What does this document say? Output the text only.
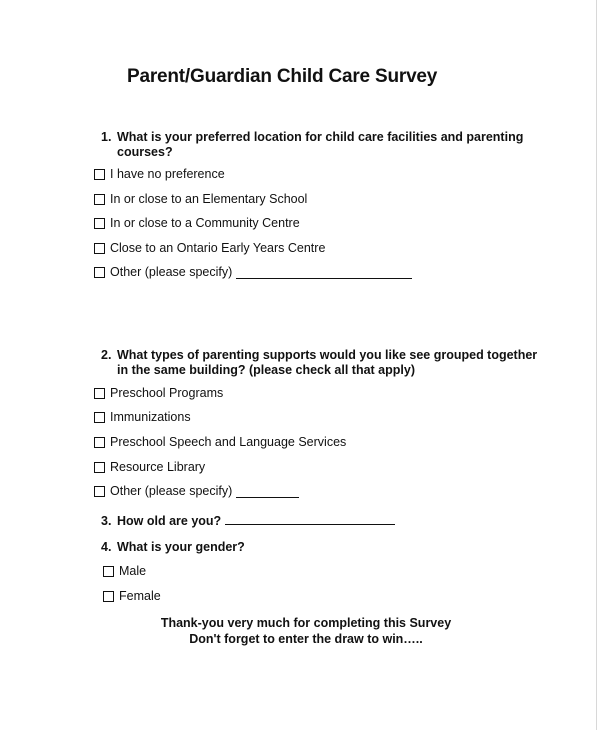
Parent/Guardian Child Care Survey
1. What is your preferred location for child care facilities and parenting
courses?
I have no preference
In or close to an Elementary School
In or close to a Community Centre
Close to an Ontario Early Years Centre
Other (please specify)
2. What types of parenting supports would you like see grouped together
in the same building? (please check all that apply)
Preschool Programs
Immunizations
Preschool Speech and Language Services
Resource Library
Other (please specify)
3. How old are you?
4. What is your gender?
Male
Female
Thank-you very much for completing this Survey
Don't forget to enter the draw to win…..
